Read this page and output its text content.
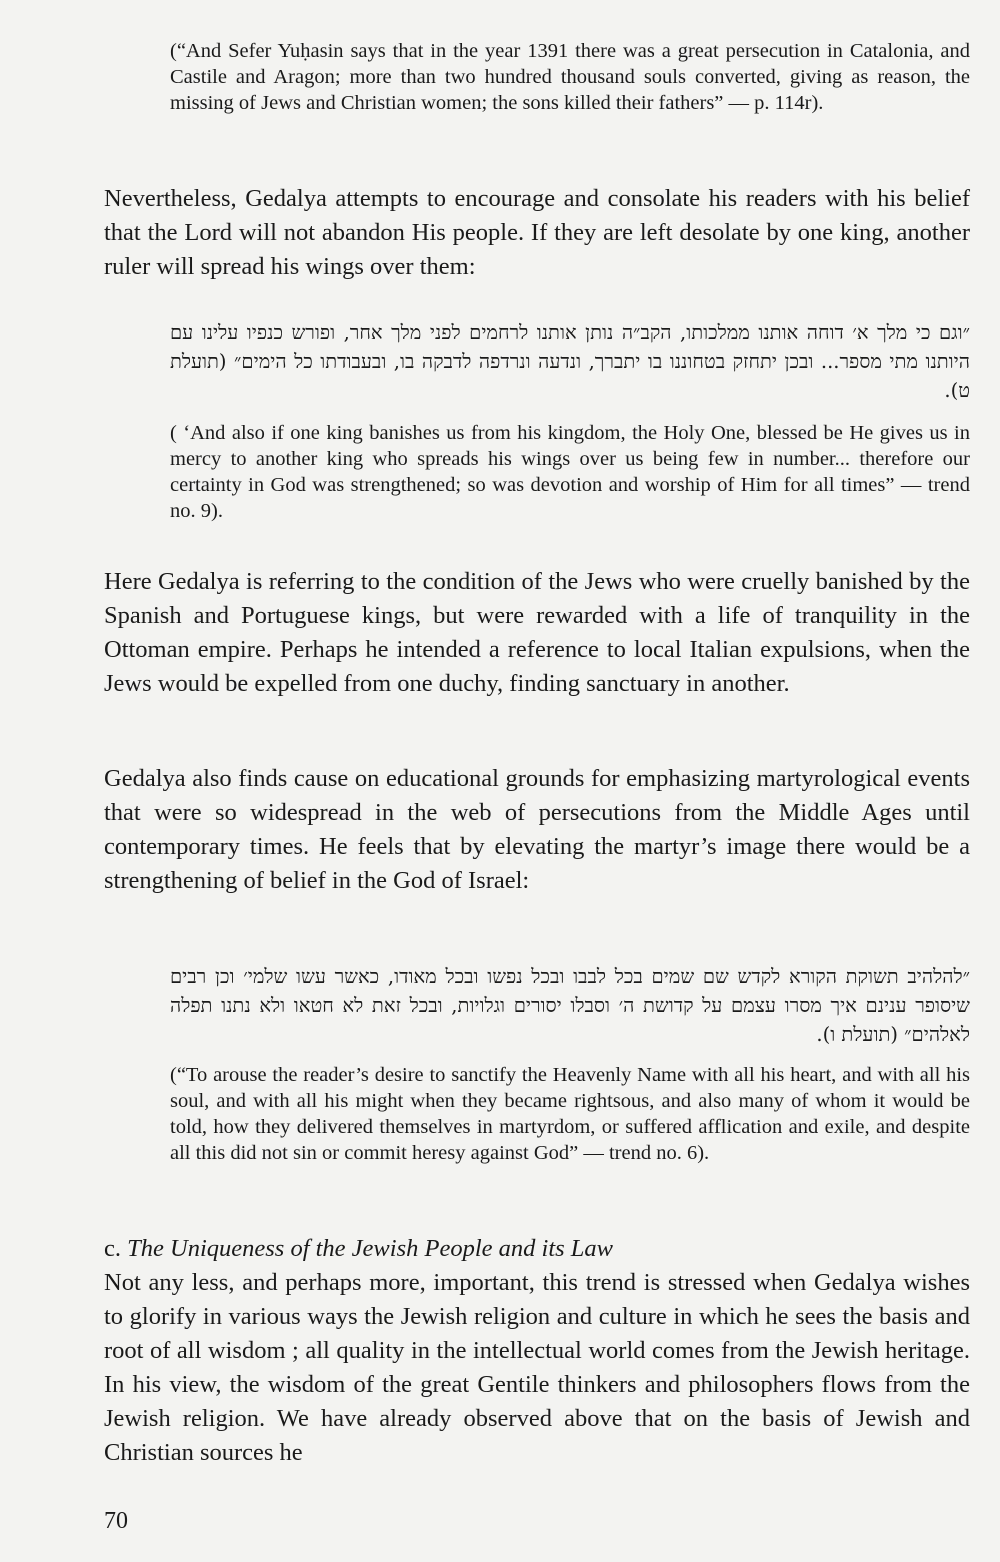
(“And Sefer Yuḥasin says that in the year 1391 there was a great persecution in Catalonia, and Castile and Aragon; more than two hundred thousand souls converted, giving as reason, the missing of Jews and Christian women; the sons killed their fathers” — p. 114r).

Nevertheless, Gedalya attempts to encourage and consolate his readers with his belief that the Lord will not abandon His people. If they are left desolate by one king, another ruler will spread his wings over them:

״וגם כי מלך א׳ דוחה אותנו ממלכותו, הקב״ה נותן אותנו לרחמים לפני מלך אחר, ופורש כנפיו עלינו עם היותנו מתי מספר... ובכן יתחזק בטחוננו בו יתברך, ונדעה ונרדפה לדבקה בו, ובעבודתו כל הימים״ (תועלת ט).

( ‘And also if one king banishes us from his kingdom, the Holy One, blessed be He gives us in mercy to another king who spreads his wings over us being few in number... therefore our certainty in God was strengthened; so was devotion and worship of Him for all times” — trend no. 9).

Here Gedalya is referring to the condition of the Jews who were cruelly banished by the Spanish and Portuguese kings, but were rewarded with a life of tranquility in the Ottoman empire. Perhaps he intended a reference to local Italian expulsions, when the Jews would be expelled from one duchy, finding sanctuary in another.

Gedalya also finds cause on educational grounds for emphasizing martyrological events that were so widespread in the web of persecutions from the Middle Ages until contemporary times. He feels that by elevating the martyr’s image there would be a strengthening of belief in the God of Israel:

״להלהיב תשוקת הקורא לקדש שם שמים בכל לבבו ובכל נפשו ובכל מאודו, כאשר עשו שלמי׳ וכן רבים שיסופר ענינם איך מסרו עצמם על קדושת ה׳ וסבלו יסורים וגלויות, ובכל זאת לא חטאו ולא נתנו תפלה לאלהים״ (תועלת ו).

(“To arouse the reader’s desire to sanctify the Heavenly Name with all his heart, and with all his soul, and with all his might when they became rightsous, and also many of whom it would be told, how they delivered themselves in martyrdom, or suffered afflication and exile, and despite all this did not sin or commit heresy against God” — trend no. 6).

c. The Uniqueness of the Jewish People and its Law

Not any less, and perhaps more, important, this trend is stressed when Gedalya wishes to glorify in various ways the Jewish religion and culture in which he sees the basis and root of all wisdom ; all quality in the intellectual world comes from the Jewish heritage. In his view, the wisdom of the great Gentile thinkers and philosophers flows from the Jewish religion. We have already observed above that on the basis of Jewish and Christian sources he

70
